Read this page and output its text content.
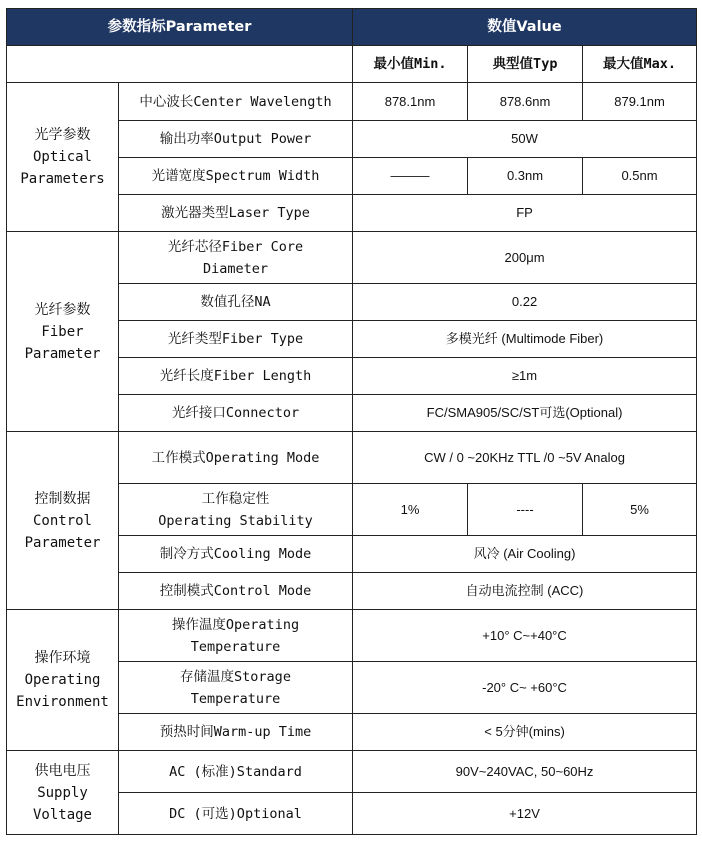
参数指标Parameter		数值Value		
		最小值Min.	典型值Typ	最大值Max.

光学参数
Optical
Parameters	中心波长Center Wavelength	878.1nm	878.6nm	879.1nm
	输出功率Output Power	50W		
	光谱宽度Spectrum Width	———	0.3nm	0.5nm
	激光器类型Laser Type	FP		

光纤参数
Fiber
Parameter	光纤芯径Fiber Core
Diameter	200μm		
	数值孔径NA	0.22		
	光纤类型Fiber Type	多模光纤 (Multimode Fiber)		
	光纤长度Fiber Length	≥1m		
	光纤接口Connector	FC/SMA905/SC/ST可选(Optional)		

控制数据
Control
Parameter	工作模式Operating Mode	CW / 0 ~20KHz TTL /0 ~5V Analog		

	工作稳定性
Operating Stability	1%	----	5%
	制冷方式Cooling Mode	风冷 (Air Cooling)		
	控制模式Control Mode	自动电流控制 (ACC)		

操作环境
Operating
Environment	操作温度Operating
Temperature	+10° C~+40°C		

	存储温度Storage
Temperature	-20° C~ +60°C		
	预热时间Warm-up Time	< 5分钟(mins)		

供电电压
Supply
Voltage	AC (标准)Standard	90V~240VAC, 50~60Hz		
	DC (可选)Optional	+12V		
